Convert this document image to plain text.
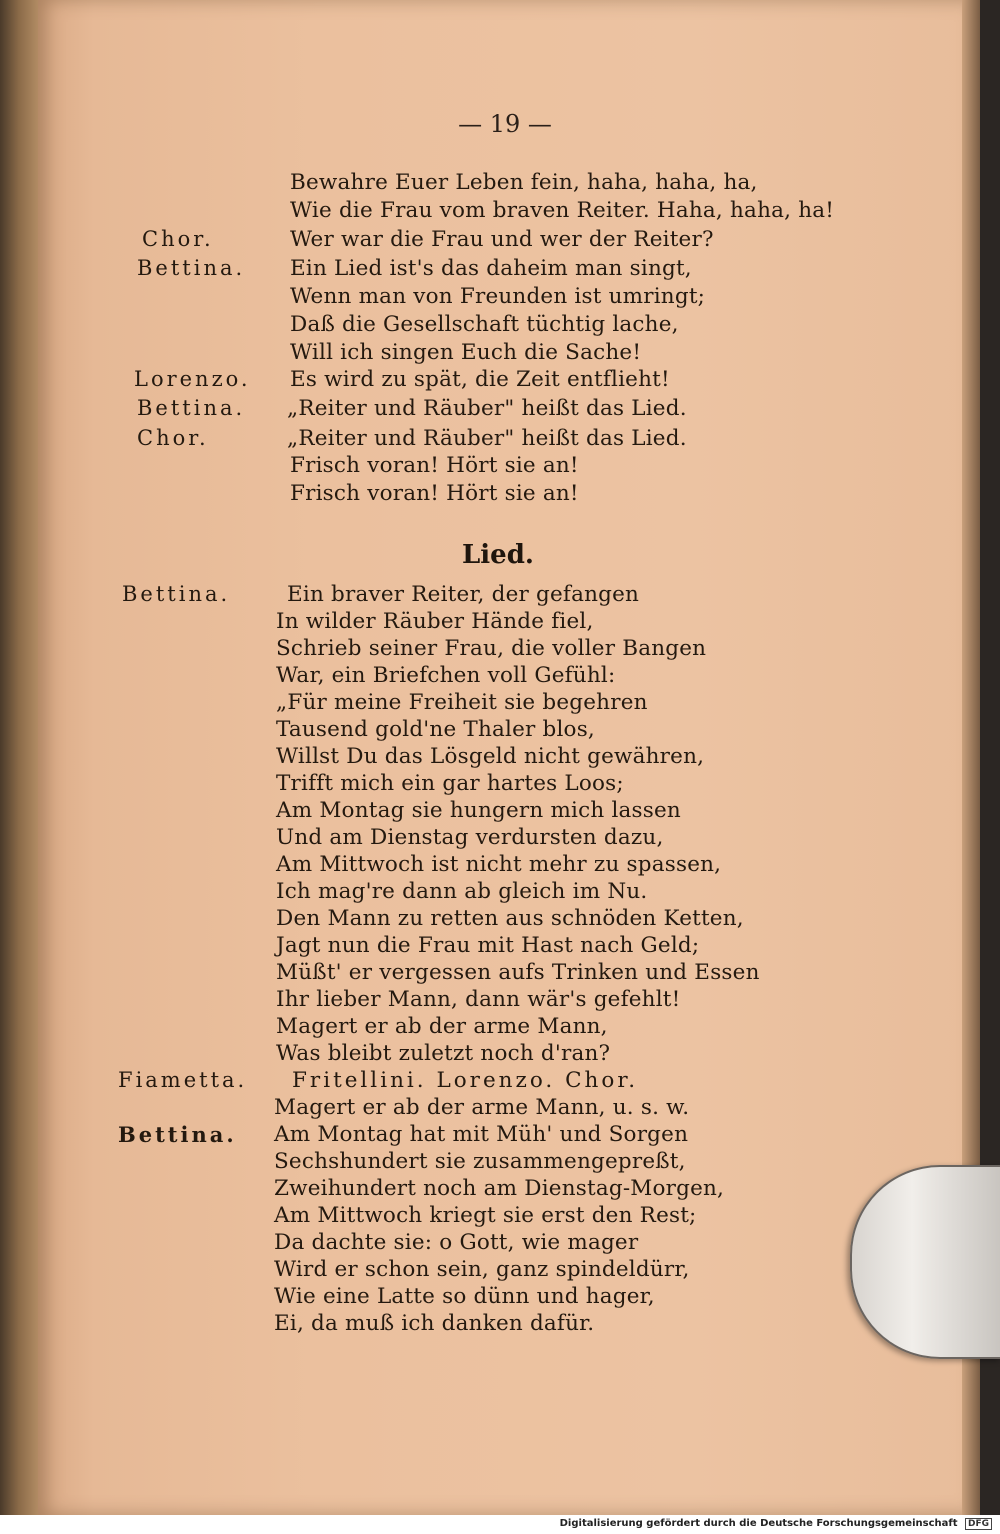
— 19 —
Bewahre Euer Leben fein, haha, haha, ha,
Wie die Frau vom braven Reiter. Haha, haha, ha!
Chor.	Wer war die Frau und wer der Reiter?
Bettina. Ein Lied ist's das daheim man singt,
Wenn man von Freunden ist umringt;
Daß die Gesellschaft tüchtig lache,
Will ich singen Euch die Sache!
Lorenzo. Es wird zu spät, die Zeit entflieht!
Bettina. „Reiter und Räuber" heißt das Lied.
Chor.	„Reiter und Räuber" heißt das Lied.
Frisch voran! Hört sie an!
Frisch voran! Hört sie an!
Lied.
Bettina.	Ein braver Reiter, der gefangen
In wilder Räuber Hände fiel,
Schrieb seiner Frau, die voller Bangen
War, ein Briefchen voll Gefühl:
„Für meine Freiheit sie begehren
Tausend gold'ne Thaler blos,
Willst Du das Lösgeld nicht gewähren,
Trifft mich ein gar hartes Loos;
Am Montag sie hungern mich lassen
Und am Dienstag verdursten dazu,
Am Mittwoch ist nicht mehr zu spassen,
Ich mag're dann ab gleich im Nu.
Den Mann zu retten aus schnöden Ketten,
Jagt nun die Frau mit Hast nach Geld;
Müßt' er vergessen aufs Trinken und Essen
Ihr lieber Mann, dann wär's gefehlt!
Magert er ab der arme Mann,
Was bleibt zuletzt noch d'ran?
Fiametta. Fritellini. Lorenzo. Chor.
Magert er ab der arme Mann, u. s. w.
Bettina. Am Montag hat mit Müh' und Sorgen
Sechshundert sie zusammengepreßt,
Zweihundert noch am Dienstag-Morgen,
Am Mittwoch kriegt sie erst den Rest;
Da dachte sie: o Gott, wie mager
Wird er schon sein, ganz spindeldürr,
Wie eine Latte so dünn und hager,
Ei, da muß ich danken dafür.
Digitalisierung gefördert durch die Deutsche Forschungsgemeinschaft DFG
